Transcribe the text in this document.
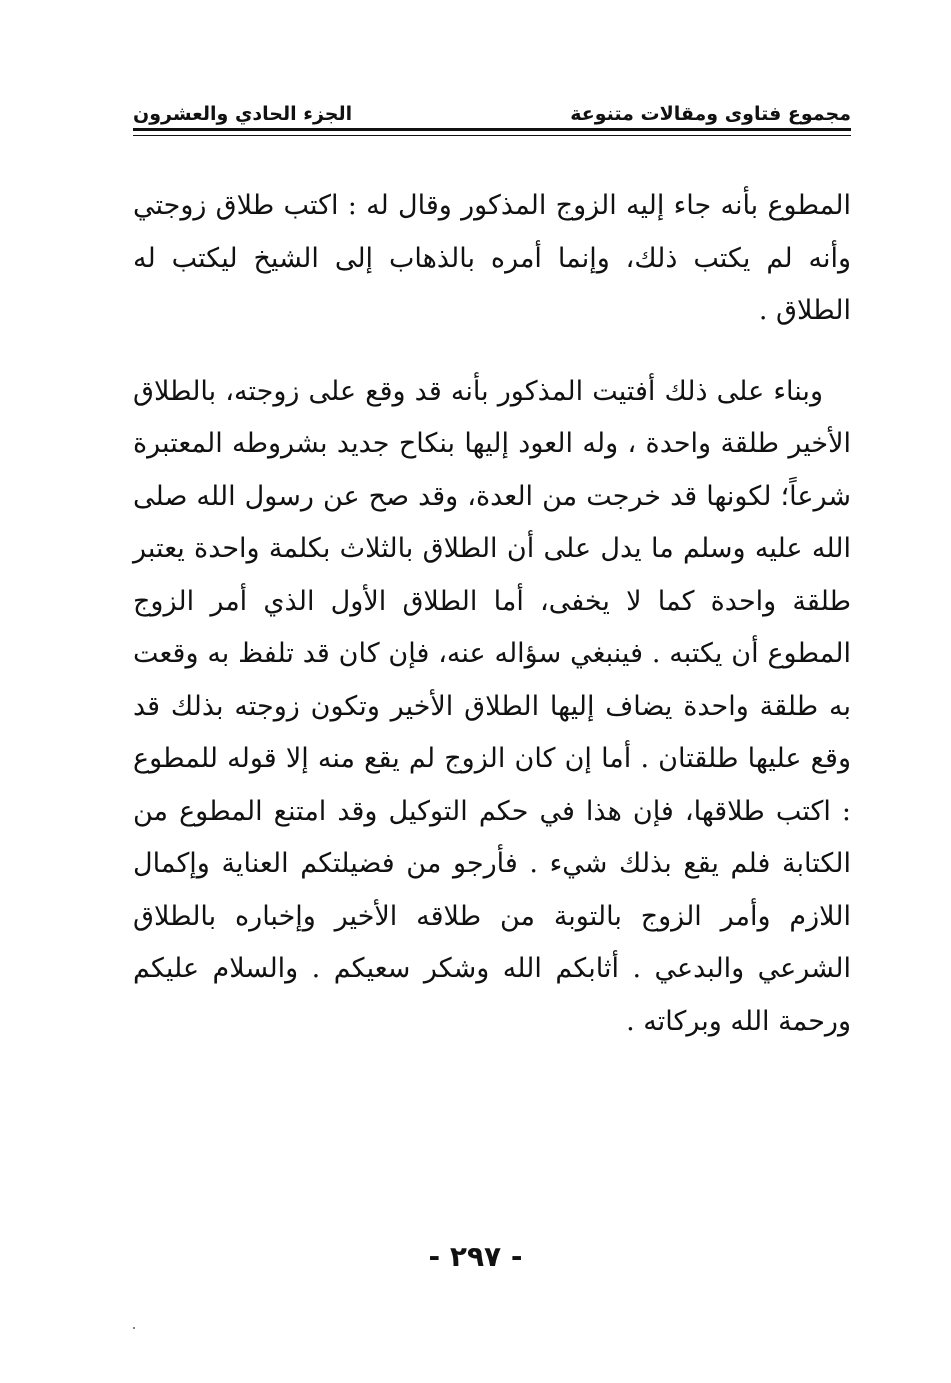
مجموع فتاوى ومقالات متنوعة
الجزء الحادي والعشرون

المطوع بأنه جاء إليه الزوج المذكور وقال له : اكتب طلاق زوجتي وأنه لم يكتب ذلك، وإنما أمره بالذهاب إلى الشيخ ليكتب له الطلاق .

وبناء على ذلك أفتيت المذكور بأنه قد وقع على زوجته، بالطلاق الأخير طلقة واحدة ، وله العود إليها بنكاح جديد بشروطه المعتبرة شرعاً؛ لكونها قد خرجت من العدة، وقد صح عن رسول الله صلى الله عليه وسلم ما يدل على أن الطلاق بالثلاث بكلمة واحدة يعتبر طلقة واحدة كما لا يخفى، أما الطلاق الأول الذي أمر الزوج المطوع أن يكتبه . فينبغي سؤاله عنه، فإن كان قد تلفظ به وقعت به طلقة واحدة يضاف إليها الطلاق الأخير وتكون زوجته بذلك قد وقع عليها طلقتان . أما إن كان الزوج لم يقع منه إلا قوله للمطوع : اكتب طلاقها، فإن هذا في حكم التوكيل وقد امتنع المطوع من الكتابة فلم يقع بذلك شيء . فأرجو من فضيلتكم العناية وإكمال اللازم وأمر الزوج بالتوبة من طلاقه الأخير وإخباره بالطلاق الشرعي والبدعي . أثابكم الله وشكر سعيكم . والسلام عليكم ورحمة الله وبركاته .

- ٢٩٧ -
